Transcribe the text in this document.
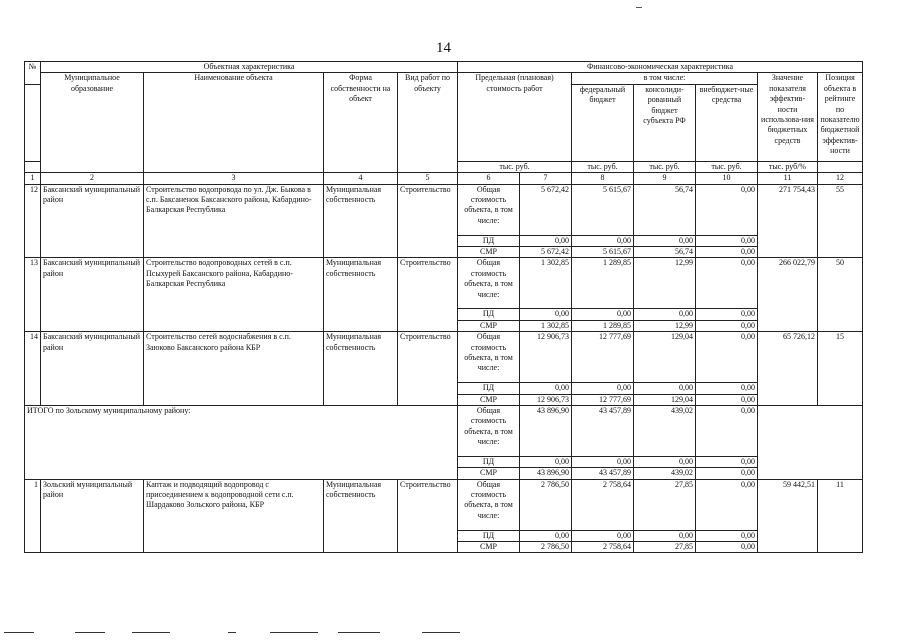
14
№	Объектная характеристика				Финансово-экономическая характеристика						
	Муниципальное образование	Наименование объекта	Форма собственности на объект	Вид работ по объекту	Предельная (плановая) стоимость работ		в том числе:			Значение показателя эффектив-ности использова-ния бюджетных средств	Позиция объекта в рейтинге по показателю бюджетной эффектив-ности
							федеральный бюджет	консолиди-рованный бюджет субъекта РФ	внебюджет-ные средства		
					тыс. руб.		тыс. руб.	тыс. руб.	тыс. руб.	тыс. руб/%	
1	2	3	4	5	6	7	8	9	10	11	12
12	Баксанский муниципальный район	Строительство водопровода по ул. Дж. Быкова в с.п. Баксаненок Баксанского района, Кабардино-Балкарская Республика	Муниципальная собственность	Строительство	Общая стоимость объекта, в том числе:	5 672,42	5 615,67	56,74	0,00	271 754,43	55
					ПД	0,00	0,00	0,00	0,00		
					СМР	5 672,42	5 615,67	56,74	0,00		
13	Баксанский муниципальный район	Строительство водопроводных сетей в с.п. Псыхурей Баксанского района, Кабардино-Балкарская Республика	Муниципальная собственность	Строительство	Общая стоимость объекта, в том числе:	1 302,85	1 289,85	12,99	0,00	266 022,79	50
					ПД	0,00	0,00	0,00	0,00		
					СМР	1 302,85	1 289,85	12,99	0,00		
14	Баксанский муниципальный район	Строительство сетей водоснабжения в с.п. Заюково Баксанского района КБР	Муниципальная собственность	Строительство	Общая стоимость объекта, в том числе:	12 906,73	12 777,69	129,04	0,00	65 726,12	15
					ПД	0,00	0,00	0,00	0,00		
					СМР	12 906,73	12 777,69	129,04	0,00		
ИТОГО по Зольскому муниципальному району:					Общая стоимость объекта, в том числе:	43 896,90	43 457,89	439,02	0,00		
					ПД	0,00	0,00	0,00	0,00		
					СМР	43 896,90	43 457,89	439,02	0,00		
1	Зольский муниципальный район	Каптаж и подводящий водопровод с присоединением к водопроводной сети с.п. Шардаково Зольского района, КБР	Муниципальная собственность	Строительство	Общая стоимость объекта, в том числе:	2 786,50	2 758,64	27,85	0,00	59 442,51	11
					ПД	0,00	0,00	0,00	0,00		
					СМР	2 786,50	2 758,64	27,85	0,00		
